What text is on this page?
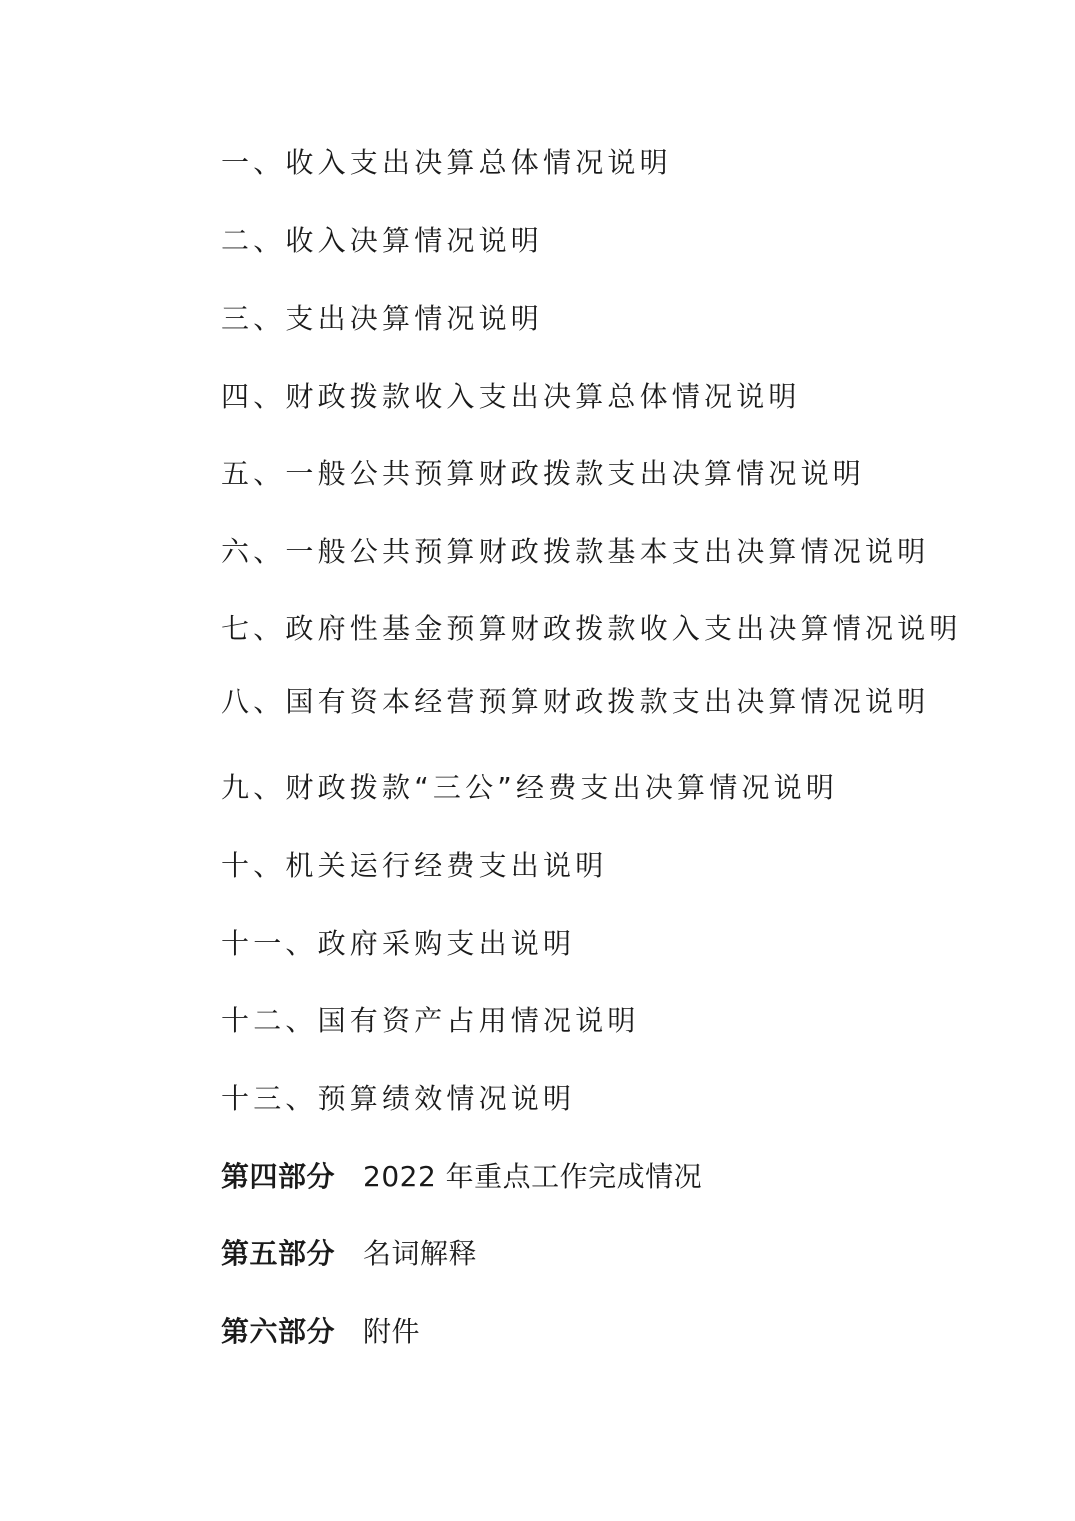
一、收入支出决算总体情况说明
二、收入决算情况说明
三、支出决算情况说明
四、财政拨款收入支出决算总体情况说明
五、一般公共预算财政拨款支出决算情况说明
六、一般公共预算财政拨款基本支出决算情况说明
七、政府性基金预算财政拨款收入支出决算情况说明
八、国有资本经营预算财政拨款支出决算情况说明
九、财政拨款“三公”经费支出决算情况说明
十、机关运行经费支出说明
十一、政府采购支出说明
十二、国有资产占用情况说明
十三、预算绩效情况说明
第四部分 2022 年重点工作完成情况
第五部分 名词解释
第六部分 附件
